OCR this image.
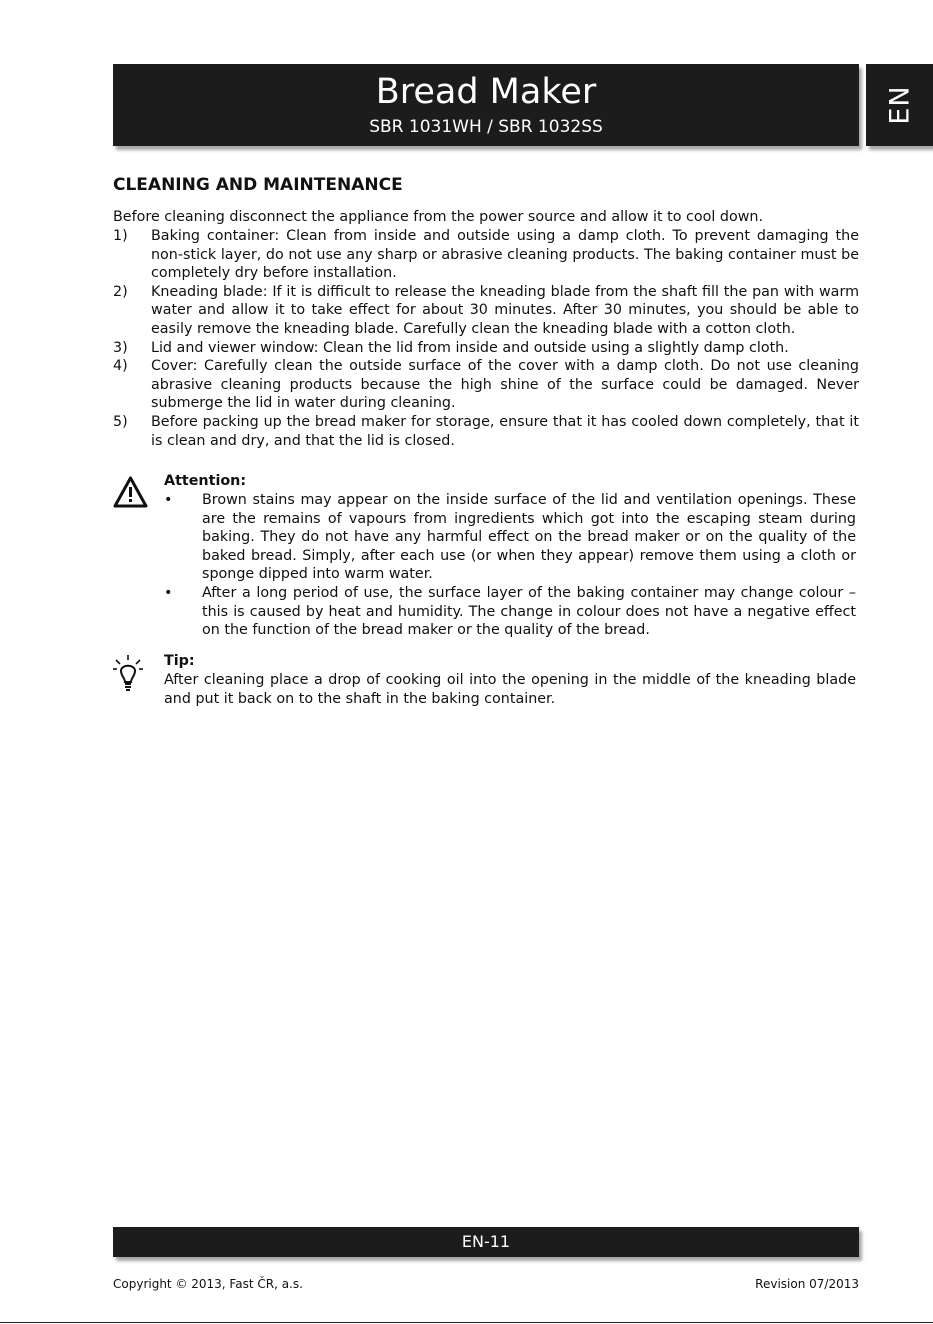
Bread Maker
SBR 1031WH / SBR 1032SS
EN
CLEANING AND MAINTENANCE
Before cleaning disconnect the appliance from the power source and allow it to cool down.
1) Baking container: Clean from inside and outside using a damp cloth. To prevent damaging the non-stick layer, do not use any sharp or abrasive cleaning products. The baking container must be completely dry before installation.
2) Kneading blade: If it is difficult to release the kneading blade from the shaft fill the pan with warm water and allow it to take effect for about 30 minutes. After 30 minutes, you should be able to easily remove the kneading blade. Carefully clean the kneading blade with a cotton cloth.
3) Lid and viewer window: Clean the lid from inside and outside using a slightly damp cloth.
4) Cover: Carefully clean the outside surface of the cover with a damp cloth. Do not use cleaning abrasive cleaning products because the high shine of the surface could be damaged. Never submerge the lid in water during cleaning.
5) Before packing up the bread maker for storage, ensure that it has cooled down completely, that it is clean and dry, and that the lid is closed.
Attention:
• Brown stains may appear on the inside surface of the lid and ventilation openings. These are the remains of vapours from ingredients which got into the escaping steam during baking. They do not have any harmful effect on the bread maker or on the quality of the baked bread. Simply, after each use (or when they appear) remove them using a cloth or sponge dipped into warm water.
• After a long period of use, the surface layer of the baking container may change colour – this is caused by heat and humidity. The change in colour does not have a negative effect on the function of the bread maker or the quality of the bread.
Tip:
After cleaning place a drop of cooking oil into the opening in the middle of the kneading blade and put it back on to the shaft in the baking container.
EN-11
Copyright © 2013, Fast ČR, a.s.	Revision 07/2013
